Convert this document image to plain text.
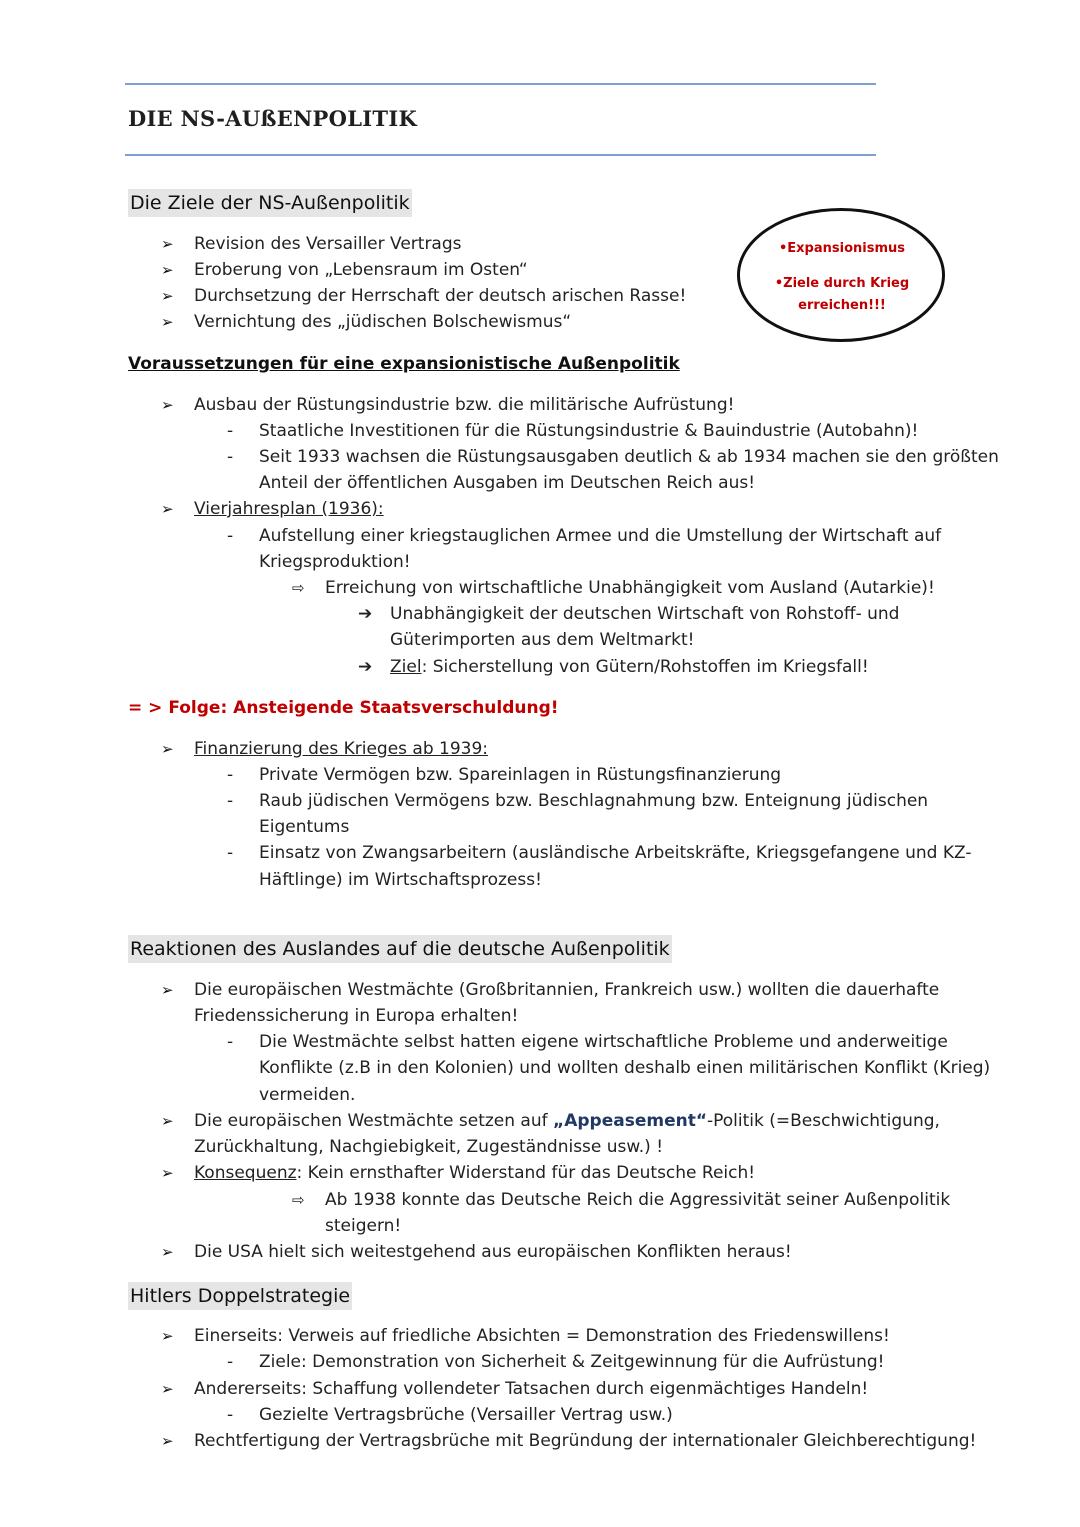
DIE NS-AUßENPOLITIK
Die Ziele der NS-Außenpolitik
➢ Revision des Versailler Vertrags
➢ Eroberung von „Lebensraum im Osten“
➢ Durchsetzung der Herrschaft der deutsch arischen Rasse!
➢ Vernichtung des „jüdischen Bolschewismus“
•Expansionismus
•Ziele durch Krieg
erreichen!!!
Voraussetzungen für eine expansionistische Außenpolitik
➢ Ausbau der Rüstungsindustrie bzw. die militärische Aufrüstung!
- Staatliche Investitionen für die Rüstungsindustrie & Bauindustrie (Autobahn)!
- Seit 1933 wachsen die Rüstungsausgaben deutlich & ab 1934 machen sie den größten
Anteil der öffentlichen Ausgaben im Deutschen Reich aus!
➢ Vierjahresplan (1936):
- Aufstellung einer kriegstauglichen Armee und die Umstellung der Wirtschaft auf
Kriegsproduktion!
⇨ Erreichung von wirtschaftliche Unabhängigkeit vom Ausland (Autarkie)!
➔ Unabhängigkeit der deutschen Wirtschaft von Rohstoff- und
Güterimporten aus dem Weltmarkt!
➔ Ziel: Sicherstellung von Gütern/Rohstoffen im Kriegsfall!
= > Folge: Ansteigende Staatsverschuldung!
➢ Finanzierung des Krieges ab 1939:
- Private Vermögen bzw. Spareinlagen in Rüstungsfinanzierung
- Raub jüdischen Vermögens bzw. Beschlagnahmung bzw. Enteignung jüdischen
Eigentums
- Einsatz von Zwangsarbeitern (ausländische Arbeitskräfte, Kriegsgefangene und KZ-
Häftlinge) im Wirtschaftsprozess!
Reaktionen des Auslandes auf die deutsche Außenpolitik
➢ Die europäischen Westmächte (Großbritannien, Frankreich usw.) wollten die dauerhafte
Friedenssicherung in Europa erhalten!
- Die Westmächte selbst hatten eigene wirtschaftliche Probleme und anderweitige
Konflikte (z.B in den Kolonien) und wollten deshalb einen militärischen Konflikt (Krieg)
vermeiden.
➢ Die europäischen Westmächte setzen auf „Appeasement“-Politik (=Beschwichtigung,
Zurückhaltung, Nachgiebigkeit, Zugeständnisse usw.) !
➢ Konsequenz: Kein ernsthafter Widerstand für das Deutsche Reich!
⇨ Ab 1938 konnte das Deutsche Reich die Aggressivität seiner Außenpolitik
steigern!
➢ Die USA hielt sich weitestgehend aus europäischen Konflikten heraus!
Hitlers Doppelstrategie
➢ Einerseits: Verweis auf friedliche Absichten = Demonstration des Friedenswillens!
- Ziele: Demonstration von Sicherheit & Zeitgewinnung für die Aufrüstung!
➢ Andererseits: Schaffung vollendeter Tatsachen durch eigenmächtiges Handeln!
- Gezielte Vertragsbrüche (Versailler Vertrag usw.)
➢ Rechtfertigung der Vertragsbrüche mit Begründung der internationaler Gleichberechtigung!
